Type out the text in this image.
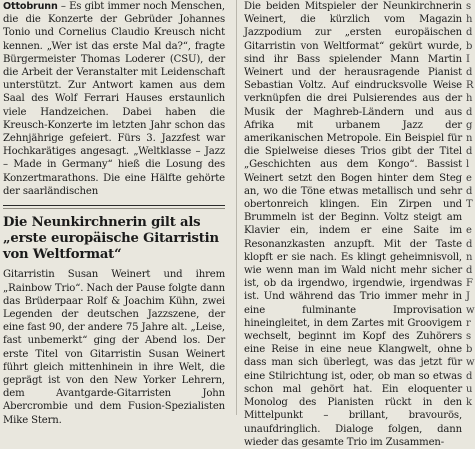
Ottobrunn – Es gibt immer noch Menschen, die die Konzerte der Gebrüder Johannes Tonio und Cornelius Claudio Kreusch nicht kennen. „Wer ist das erste Mal da?“, fragte Bürgermeister Thomas Loderer (CSU), der die Arbeit der Veranstalter mit Leidenschaft unterstützt. Zur Antwort kamen aus dem Saal des Wolf Ferrari Hauses erstaunlich viele Handzeichen. Dabei haben die Kreusch-Konzerte im letzten Jahr schon das Zehnjährige gefeiert. Fürs 3. Jazzfest war Hochkarätiges angesagt. „Weltklasse – Jazz – Made in Germany“ hieß die Losung des Konzertmarathons. Die eine Hälfte gehörte der saarländischen

Die Neunkirchnerin gilt als „erste europäische Gitarristin von Weltformat“

Gitarristin Susan Weinert und ihrem „Rainbow Trio“. Nach der Pause folgte dann das Brüderpaar Rolf & Joachim Kühn, zwei Legenden der deutschen Jazzszene, der eine fast 90, der andere 75 Jahre alt. „Leise, fast unbemerkt“ ging der Abend los. Der erste Titel von Gitarristin Susan Weinert führt gleich mittenhinein in ihre Welt, die geprägt ist von den New Yorker Lehrern, dem Avantgarde-Gitarristen John Abercrombie und dem Fusion-Spezialisten Mike Stern.

Die beiden Mitspieler der Neunkirchnerin Weinert, die kürzlich vom Magazin Jazzpodium zur „ersten europäischen Gitarristin von Weltformat“ gekürt wurde, sind ihr Bass spielender Mann Martin Weinert und der herausragende Pianist Sebastian Voltz. Auf eindrucksvolle Weise verknüpfen die drei Pulsierendes aus der Musik der Maghreb-Ländern und aus Afrika mit urbanem Jazz der amerikanischen Metropole. Ein Beispiel für die Spielweise dieses Trios gibt der Titel „Geschichten aus dem Kongo“. Bassist Weinert setzt den Bogen hinter dem Steg an, wo die Töne etwas metallisch und sehr obertonreich klingen. Ein Zirpen und Brummeln ist der Beginn. Voltz steigt am Klavier ein, indem er eine Saite im Resonanzkasten anzupft. Mit der Taste klopft er sie nach. Es klingt geheimnisvoll, wie wenn man im Wald nicht mehr sicher ist, ob da irgendwo, irgendwie, irgendwas ist. Und während das Trio immer mehr in eine fulminante Improvisation hineingleitet, in dem Zartes mit Groovigem wechselt, beginnt im Kopf des Zuhörers eine Reise in eine neue Klangwelt, ohne dass man sich überlegt, was das jetzt für eine Stilrichtung ist, oder, ob man so etwas schon mal gehört hat. Ein eloquenter Monolog des Pianisten rückt in den Mittelpunkt – brillant, bravourös, unaufdringlich. Dialoge folgen, dann wieder das gesamte Trio im Zusammen-

s
h
d
b
I
d
R
h
d
g
n
d
l
e
d
T

e
d
n
d
F
J
w
r
s
b
w
d
u
k
